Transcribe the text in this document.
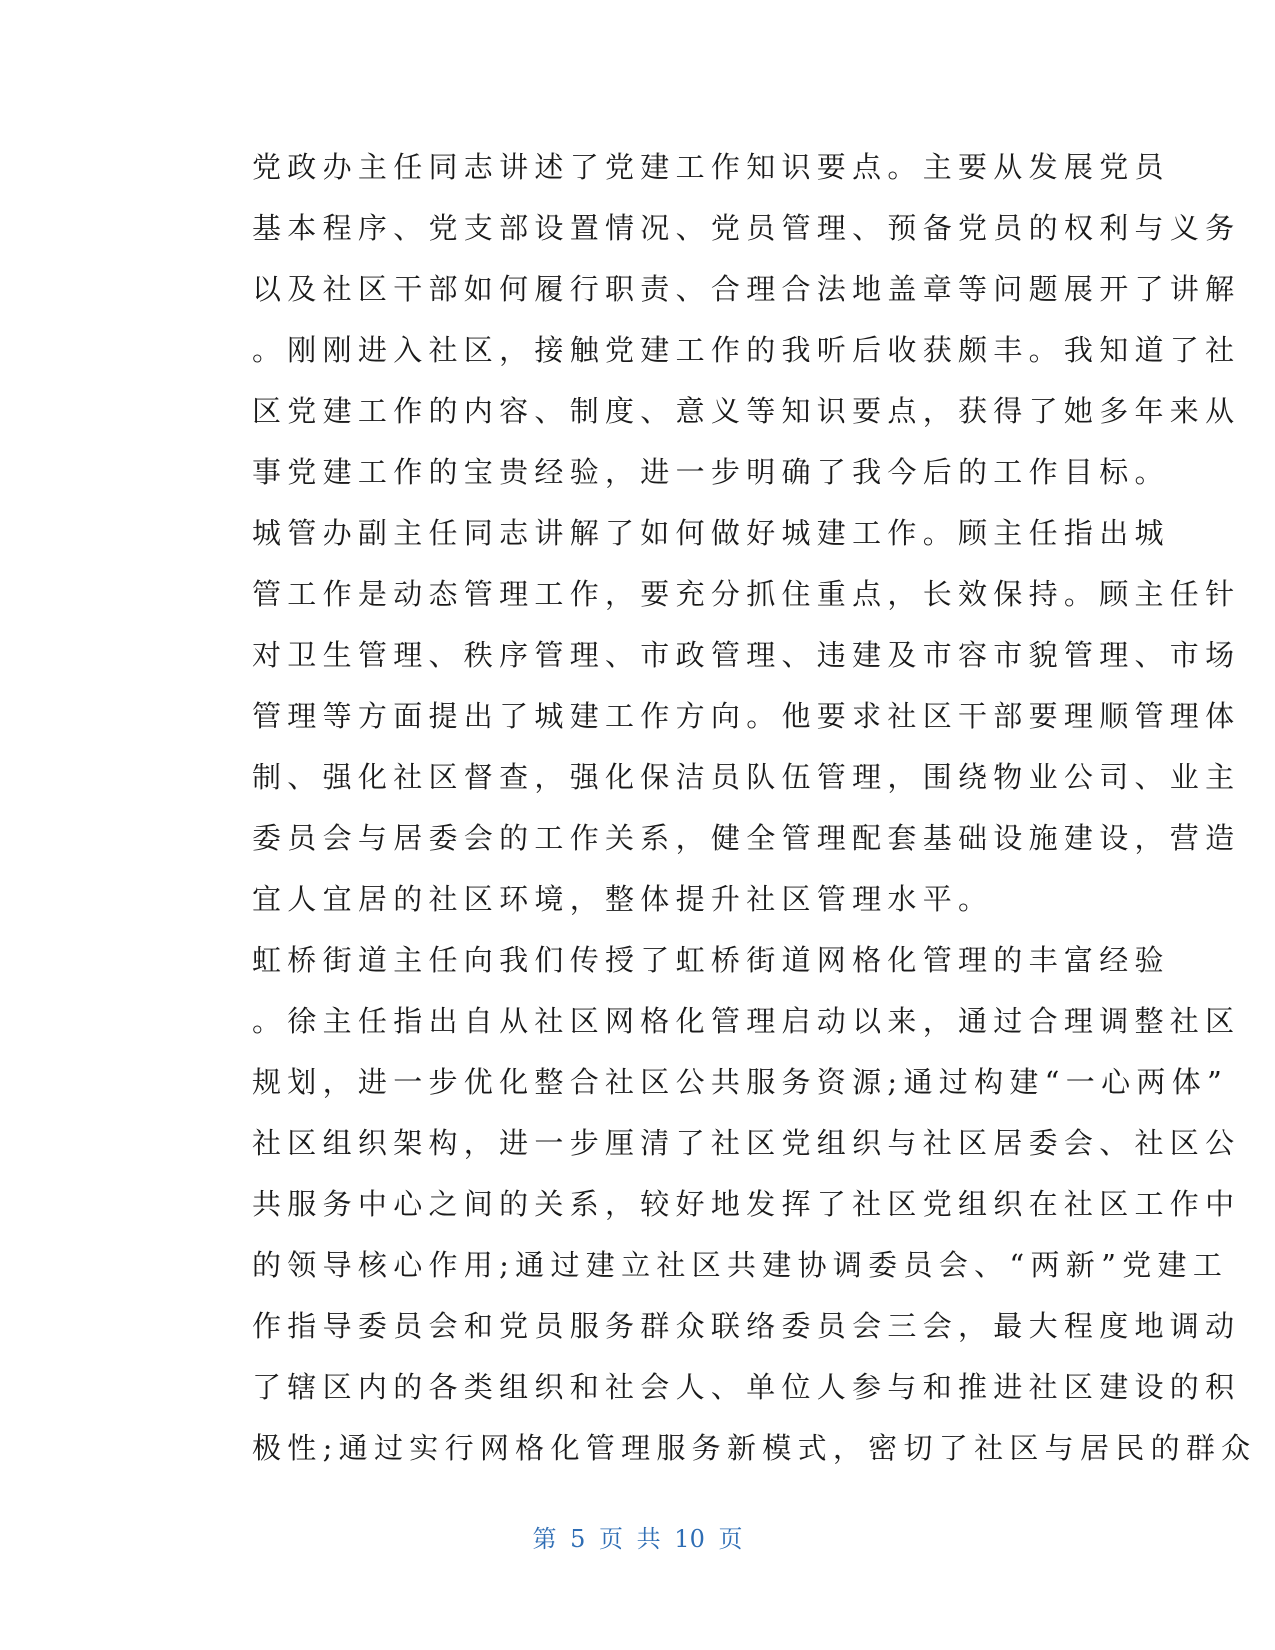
党政办主任同志讲述了党建工作知识要点。主要从发展党员
基本程序、党支部设置情况、党员管理、预备党员的权利与义务
以及社区干部如何履行职责、合理合法地盖章等问题展开了讲解
。刚刚进入社区，接触党建工作的我听后收获颇丰。我知道了社
区党建工作的内容、制度、意义等知识要点，获得了她多年来从
事党建工作的宝贵经验，进一步明确了我今后的工作目标。

城管办副主任同志讲解了如何做好城建工作。顾主任指出城
管工作是动态管理工作，要充分抓住重点，长效保持。顾主任针
对卫生管理、秩序管理、市政管理、违建及市容市貌管理、市场
管理等方面提出了城建工作方向。他要求社区干部要理顺管理体
制、强化社区督查，强化保洁员队伍管理，围绕物业公司、业主
委员会与居委会的工作关系，健全管理配套基础设施建设，营造
宜人宜居的社区环境，整体提升社区管理水平。

虹桥街道主任向我们传授了虹桥街道网格化管理的丰富经验
。徐主任指出自从社区网格化管理启动以来，通过合理调整社区
规划，进一步优化整合社区公共服务资源;通过构建“一心两体”
社区组织架构，进一步厘清了社区党组织与社区居委会、社区公
共服务中心之间的关系，较好地发挥了社区党组织在社区工作中
的领导核心作用;通过建立社区共建协调委员会、“两新”党建工
作指导委员会和党员服务群众联络委员会三会，最大程度地调动
了辖区内的各类组织和社会人、单位人参与和推进社区建设的积
极性;通过实行网格化管理服务新模式，密切了社区与居民的群众

第 5 页 共 10 页
